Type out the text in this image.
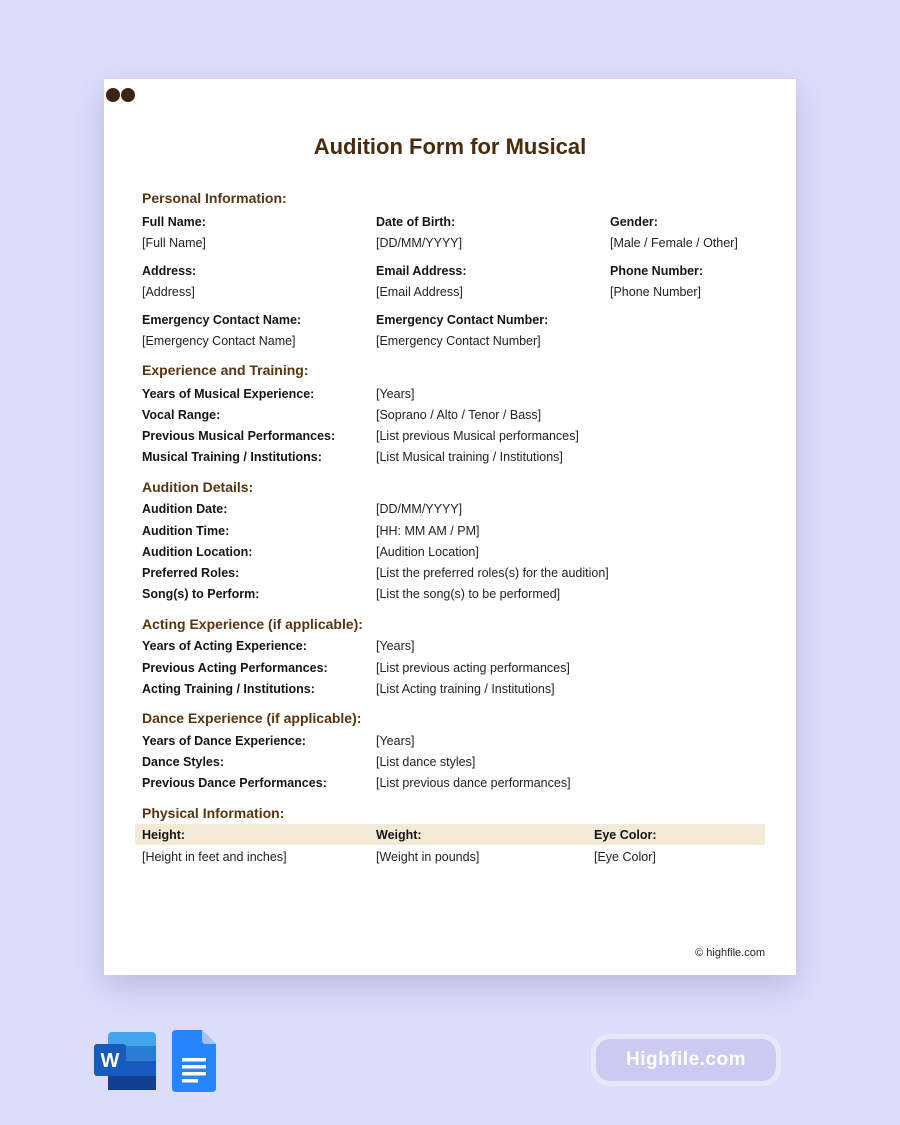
Audition Form for Musical
Personal Information:
Full Name:
[Full Name]
Date of Birth:
[DD/MM/YYYY]
Gender:
[Male / Female / Other]
Address:
[Address]
Email Address:
[Email Address]
Phone Number:
[Phone Number]
Emergency Contact Name:
[Emergency Contact Name]
Emergency Contact Number:
[Emergency Contact Number]
Experience and Training:
Years of Musical Experience:	[Years]
Vocal Range:	[Soprano / Alto / Tenor / Bass]
Previous Musical Performances:	[List previous Musical performances]
Musical Training / Institutions:	[List Musical training / Institutions]
Audition Details:
Audition Date:	[DD/MM/YYYY]
Audition Time:	[HH: MM AM / PM]
Audition Location:	[Audition Location]
Preferred Roles:	[List the preferred roles(s) for the audition]
Song(s) to Perform:	[List the song(s) to be performed]
Acting Experience (if applicable):
Years of Acting Experience:	[Years]
Previous Acting Performances:	[List previous acting performances]
Acting Training / Institutions:	[List Acting training / Institutions]
Dance Experience (if applicable):
Years of Dance Experience:	[Years]
Dance Styles:	[List dance styles]
Previous Dance Performances:	[List previous dance performances]
Physical Information:
Height:	Weight:	Eye Color:
[Height in feet and inches]	[Weight in pounds]	[Eye Color]
© highfile.com
W	Highfile.com
